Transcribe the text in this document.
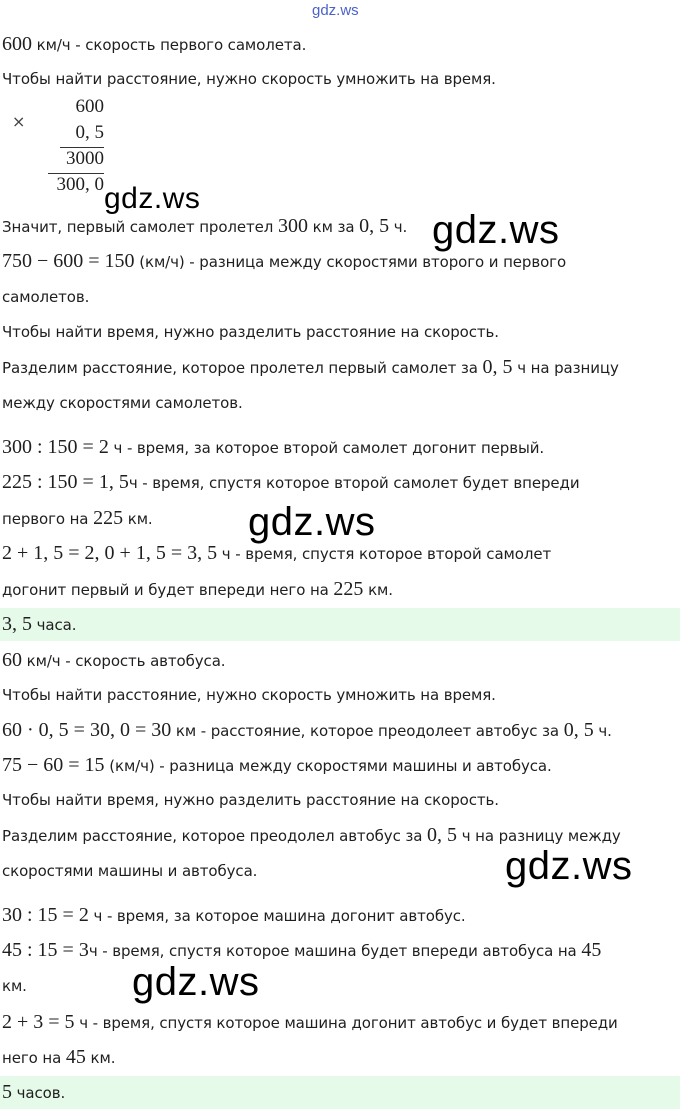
gdz.ws
600 км/ч - скорость первого самолета.
Чтобы найти расстояние, нужно скорость умножить на время.
×
600
0, 5
3000
300, 0 gdz.ws
Значит, первый самолет пролетел 300 км за 0, 5 ч. gdz.ws
750 − 600 = 150 (км/ч) - разница между скоростями второго и первого
самолетов.
Чтобы найти время, нужно разделить расстояние на скорость.
Разделим расстояние, которое пролетел первый самолет за 0, 5 ч на разницу
между скоростями самолетов.
300 : 150 = 2 ч - время, за которое второй самолет догонит первый.
225 : 150 = 1, 5ч - время, спустя которое второй самолет будет впереди
первого на 225 км. gdz.ws
2 + 1, 5 = 2, 0 + 1, 5 = 3, 5 ч - время, спустя которое второй самолет
догонит первый и будет впереди него на 225 км.
3, 5 часа.
60 км/ч - скорость автобуса.
Чтобы найти расстояние, нужно скорость умножить на время.
60 · 0, 5 = 30, 0 = 30 км - расстояние, которое преодолеет автобус за 0, 5 ч.
75 − 60 = 15 (км/ч) - разница между скоростями машины и автобуса.
Чтобы найти время, нужно разделить расстояние на скорость.
Разделим расстояние, которое преодолел автобус за 0, 5 ч на разницу между
скоростями машины и автобуса.	gdz.ws
30 : 15 = 2 ч - время, за которое машина догонит автобус.
45 : 15 = 3ч - время, спустя которое машина будет впереди автобуса на 45
км.	gdz.ws
2 + 3 = 5 ч - время, спустя которое машина догонит автобус и будет впереди
него на 45 км.
5 часов.
